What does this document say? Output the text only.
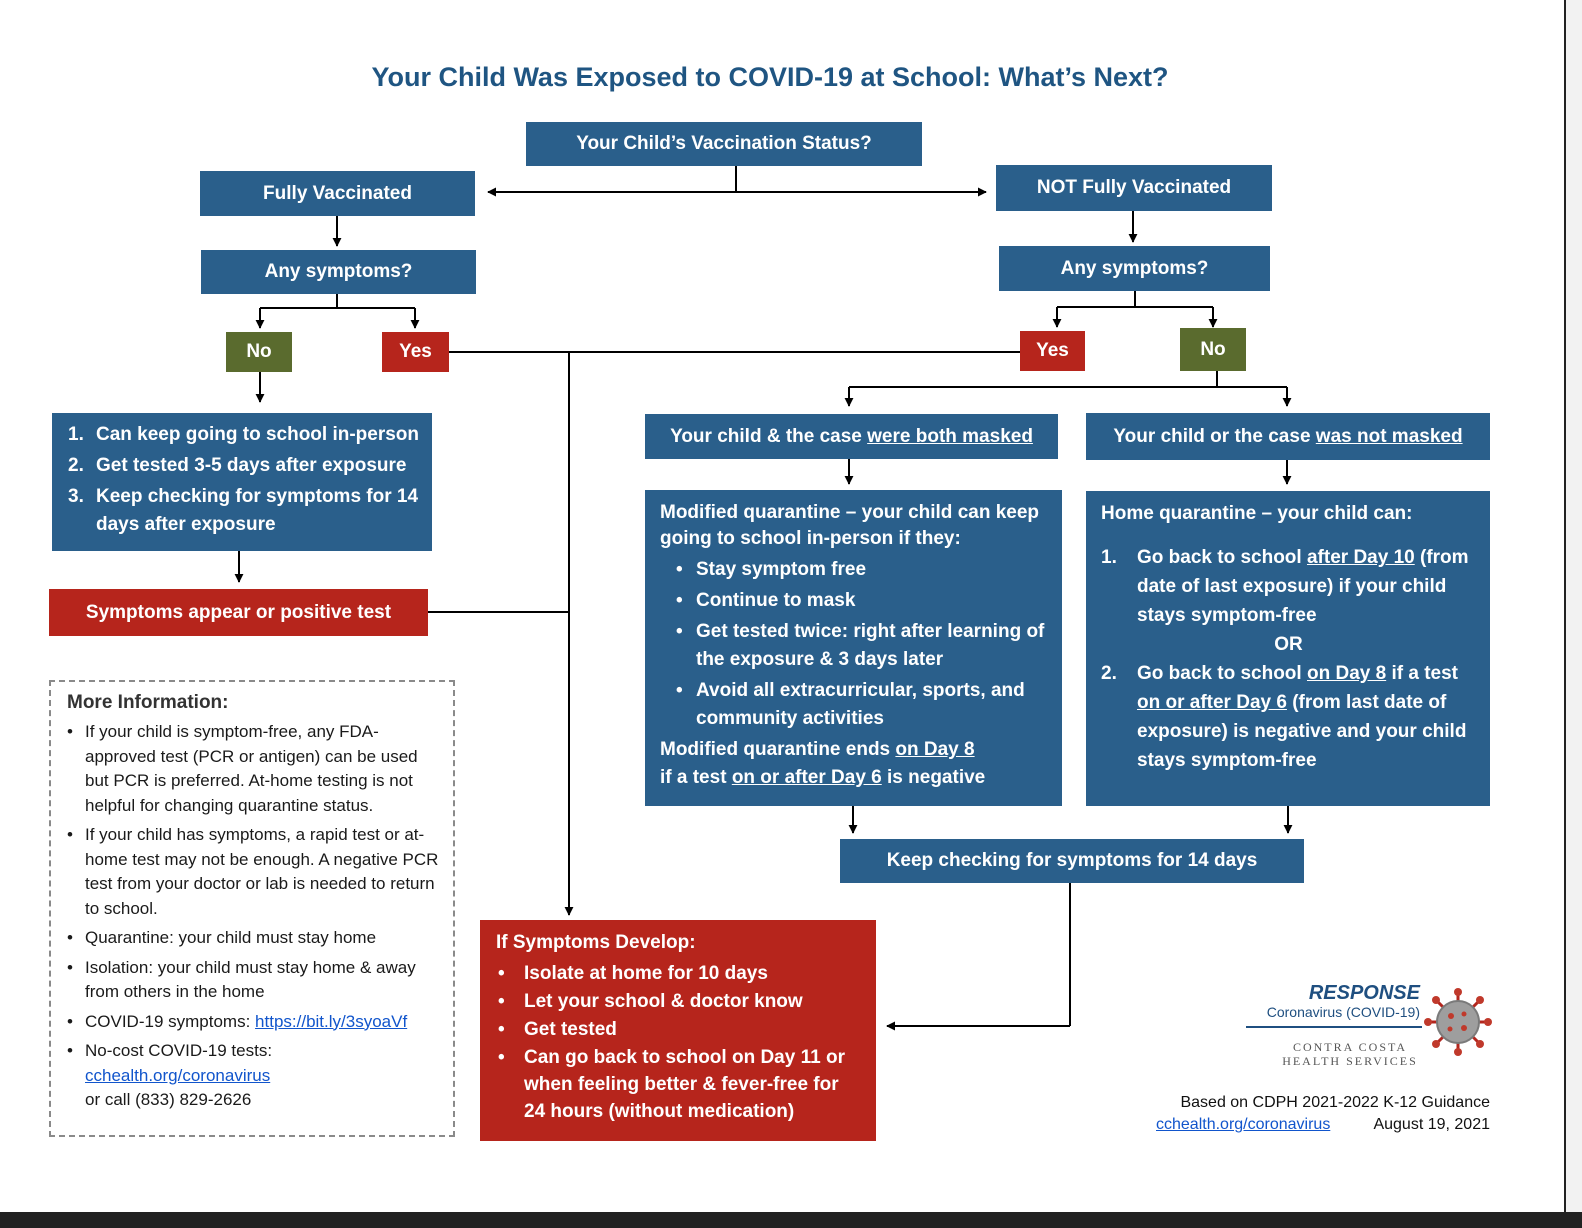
Your Child Was Exposed to COVID-19 at School: What’s Next?
Your Child’s Vaccination Status?
Fully Vaccinated
Any symptoms?
No	Yes
1. Can keep going to school in-person
2. Get tested 3-5 days after exposure
3. Keep checking for symptoms for 14 days after exposure
Symptoms appear or positive test
NOT Fully Vaccinated
Any symptoms?
Yes	No
Your child & the case were both masked	Your child or the case was not masked
Modified quarantine – your child can keep going to school in-person if they:
• Stay symptom free
• Continue to mask
• Get tested twice: right after learning of the exposure & 3 days later
• Avoid all extracurricular, sports, and community activities
Modified quarantine ends on Day 8
if a test on or after Day 6 is negative
Home quarantine – your child can:
1. Go back to school after Day 10 (from date of last exposure) if your child stays symptom-free
OR
2. Go back to school on Day 8 if a test on or after Day 6 (from last date of exposure) is negative and your child stays symptom-free
Keep checking for symptoms for 14 days
If Symptoms Develop:
• Isolate at home for 10 days
• Let your school & doctor know
• Get tested
• Can go back to school on Day 11 or when feeling better & fever-free for 24 hours (without medication)
More Information:
• If your child is symptom-free, any FDA-approved test (PCR or antigen) can be used but PCR is preferred. At-home testing is not helpful for changing quarantine status.
• If your child has symptoms, a rapid test or at-home test may not be enough. A negative PCR test from your doctor or lab is needed to return to school.
• Quarantine: your child must stay home
• Isolation: your child must stay home & away from others in the home
• COVID-19 symptoms: https://bit.ly/3syoaVf
• No-cost COVID-19 tests:
cchealth.org/coronavirus
or call (833) 829-2626
RESPONSE
Coronavirus (COVID-19)
CONTRA COSTA
HEALTH SERVICES
Based on CDPH 2021-2022 K-12 Guidance
cchealth.org/coronavirus	August 19, 2021
